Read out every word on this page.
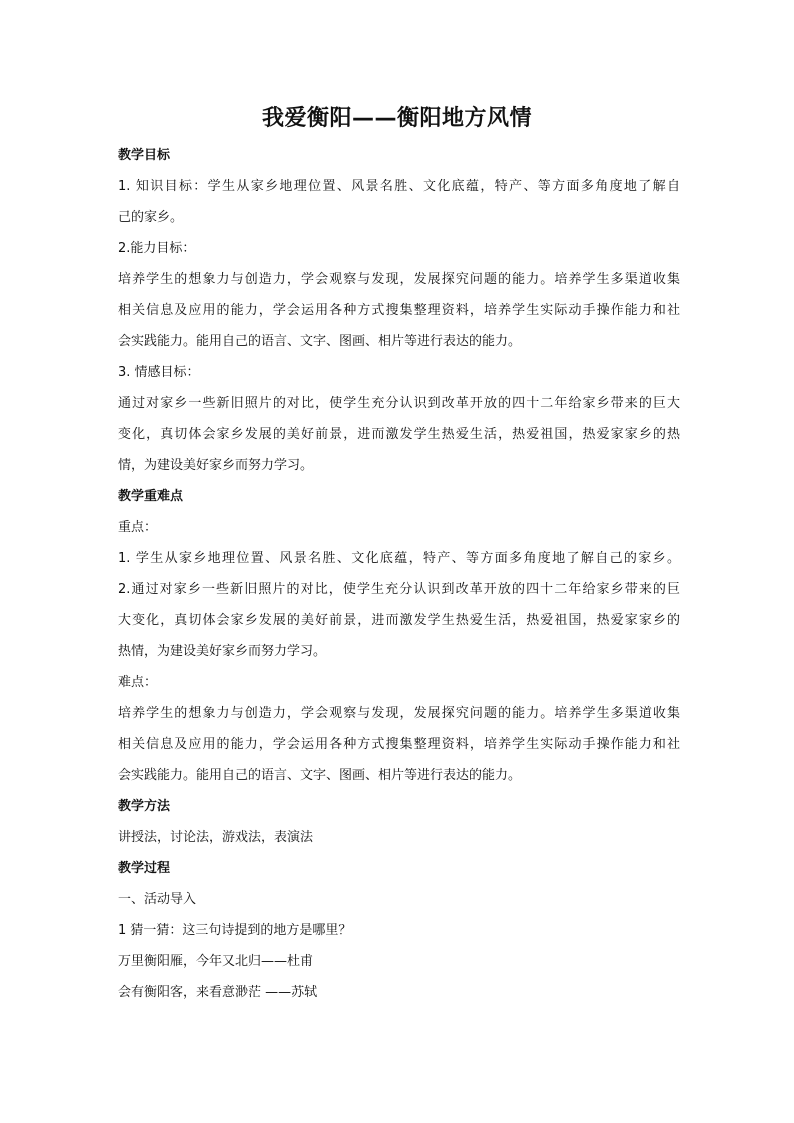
我爱衡阳——衡阳地方风情

教学目标

1. 知识目标：学生从家乡地理位置、风景名胜、文化底蕴，特产、等方面多角度地了解自

己的家乡。

2.能力目标：

培养学生的想象力与创造力，学会观察与发现，发展探究问题的能力。培养学生多渠道收集

相关信息及应用的能力，学会运用各种方式搜集整理资料，培养学生实际动手操作能力和社

会实践能力。能用自己的语言、文字、图画、相片等进行表达的能力。

3. 情感目标：

通过对家乡一些新旧照片的对比，使学生充分认识到改革开放的四十二年给家乡带来的巨大

变化，真切体会家乡发展的美好前景，进而激发学生热爱生活，热爱祖国，热爱家家乡的热

情，为建设美好家乡而努力学习。

教学重难点

重点：

1. 学生从家乡地理位置、风景名胜、文化底蕴，特产、等方面多角度地了解自己的家乡。

2.通过对家乡一些新旧照片的对比，使学生充分认识到改革开放的四十二年给家乡带来的巨

大变化，真切体会家乡发展的美好前景，进而激发学生热爱生活，热爱祖国，热爱家家乡的

热情，为建设美好家乡而努力学习。

难点：

培养学生的想象力与创造力，学会观察与发现，发展探究问题的能力。培养学生多渠道收集

相关信息及应用的能力，学会运用各种方式搜集整理资料，培养学生实际动手操作能力和社

会实践能力。能用自己的语言、文字、图画、相片等进行表达的能力。

教学方法

讲授法，讨论法，游戏法，表演法

教学过程

一、活动导入

1 猜一猜：这三句诗提到的地方是哪里？

万里衡阳雁，今年又北归——杜甫

会有衡阳客，来看意渺茫 ——苏轼
